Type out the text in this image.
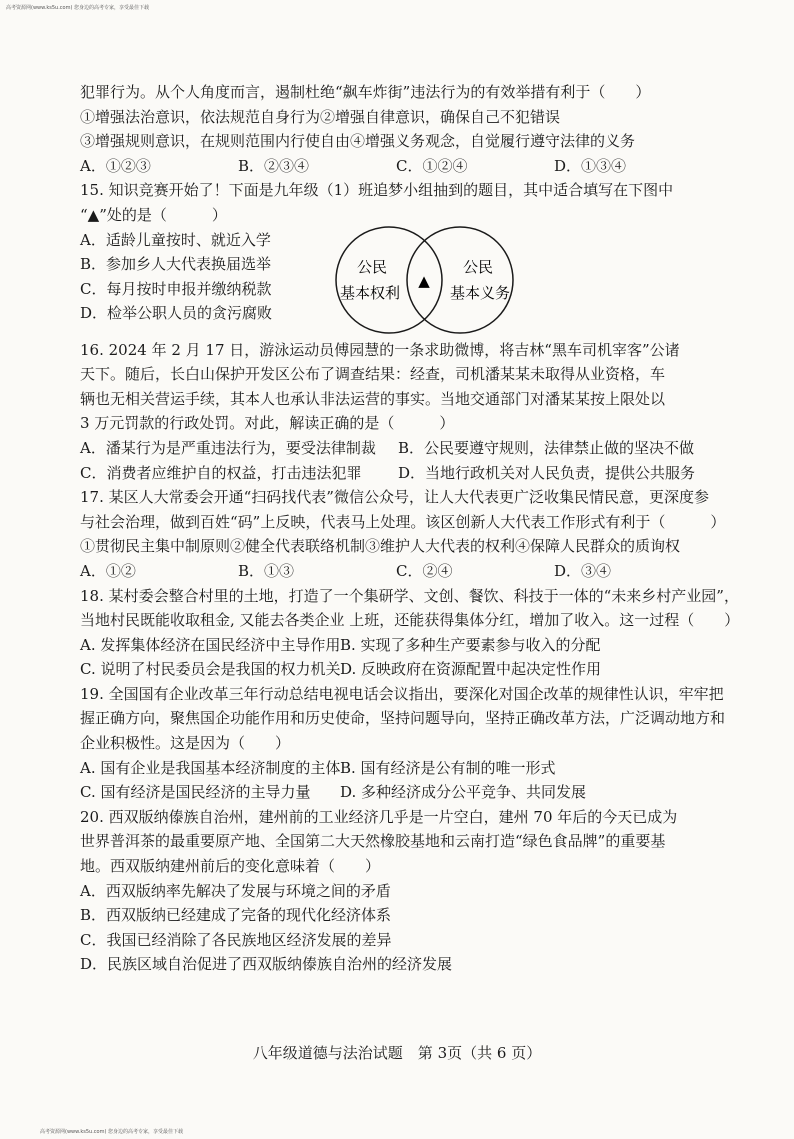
高考资源网(www.ks5u.com) 您身边的高考专家，享受最佳下载
犯罪行为。从个人角度而言，遏制杜绝“飙车炸街”违法行为的有效举措有利于（　　）
①增强法治意识，依法规范自身行为②增强自律意识，确保自己不犯错误
③增强规则意识，在规则范围内行使自由④增强义务观念，自觉履行遵守法律的义务
A．①②③	B．②③④	C．①②④	D．①③④
15. 知识竞赛开始了！下面是九年级（1）班追梦小组抽到的题目，其中适合填写在下图中
“▲”处的是（　　　）
A．适龄儿童按时、就近入学
B．参加乡人大代表换届选举
C．每月按时申报并缴纳税款
D．检举公职人员的贪污腐败
公民
基本权利
▲
公民
基本义务
16. 2024 年 2 月 17 日，游泳运动员傅园慧的一条求助微博，将吉林“黑车司机宰客”公诸
天下。随后，长白山保护开发区公布了调查结果：经查，司机潘某某未取得从业资格，车
辆也无相关营运手续，其本人也承认非法运营的事实。当地交通部门对潘某某按上限处以
3 万元罚款的行政处罚。对此，解读正确的是（　　　）
A．潘某行为是严重违法行为，要受法律制裁	B．公民要遵守规则，法律禁止做的坚决不做
C．消费者应维护自的权益，打击违法犯罪	D．当地行政机关对人民负责，提供公共服务
17. 某区人大常委会开通“扫码找代表”微信公众号，让人大代表更广泛收集民情民意，更深度参
与社会治理，做到百姓“码”上反映，代表马上处理。该区创新人大代表工作形式有利于（　　　）
①贯彻民主集中制原则②健全代表联络机制③维护人大代表的权利④保障人民群众的质询权
A．①②	B．①③	C．②④	D．③④
18. 某村委会整合村里的土地，打造了一个集研学、文创、餐饮、科技于一体的“未来乡村产业园”，
当地村民既能收取租金, 又能去各类企业 上班，还能获得集体分红，增加了收入。这一过程（　　）
A. 发挥集体经济在国民经济中主导作用 B. 实现了多种生产要素参与收入的分配
C. 说明了村民委员会是我国的权力机关 D. 反映政府在资源配置中起决定性作用
19. 全国国有企业改革三年行动总结电视电话会议指出，要深化对国企改革的规律性认识，牢牢把
握正确方向，聚焦国企功能作用和历史使命，坚持问题导向，坚持正确改革方法，广泛调动地方和
企业积极性。这是因为（　　）
A. 国有企业是我国基本经济制度的主体 B. 国有经济是公有制的唯一形式
C. 国有经济是国民经济的主导力量	D. 多种经济成分公平竞争、共同发展
20. 西双版纳傣族自治州，建州前的工业经济几乎是一片空白，建州 70 年后的今天已成为
世界普洱茶的最重要原产地、全国第二大天然橡胶基地和云南打造“绿色食品牌”的重要基
地。西双版纳建州前后的变化意味着（　　）
A．西双版纳率先解决了发展与环境之间的矛盾
B．西双版纳已经建成了完备的现代化经济体系
C．我国已经消除了各民族地区经济发展的差异
D．民族区域自治促进了西双版纳傣族自治州的经济发展
八年级道德与法治试题　第 3页（共 6 页）
高考资源网(www.ks5u.com) 您身边的高考专家，享受最佳下载
